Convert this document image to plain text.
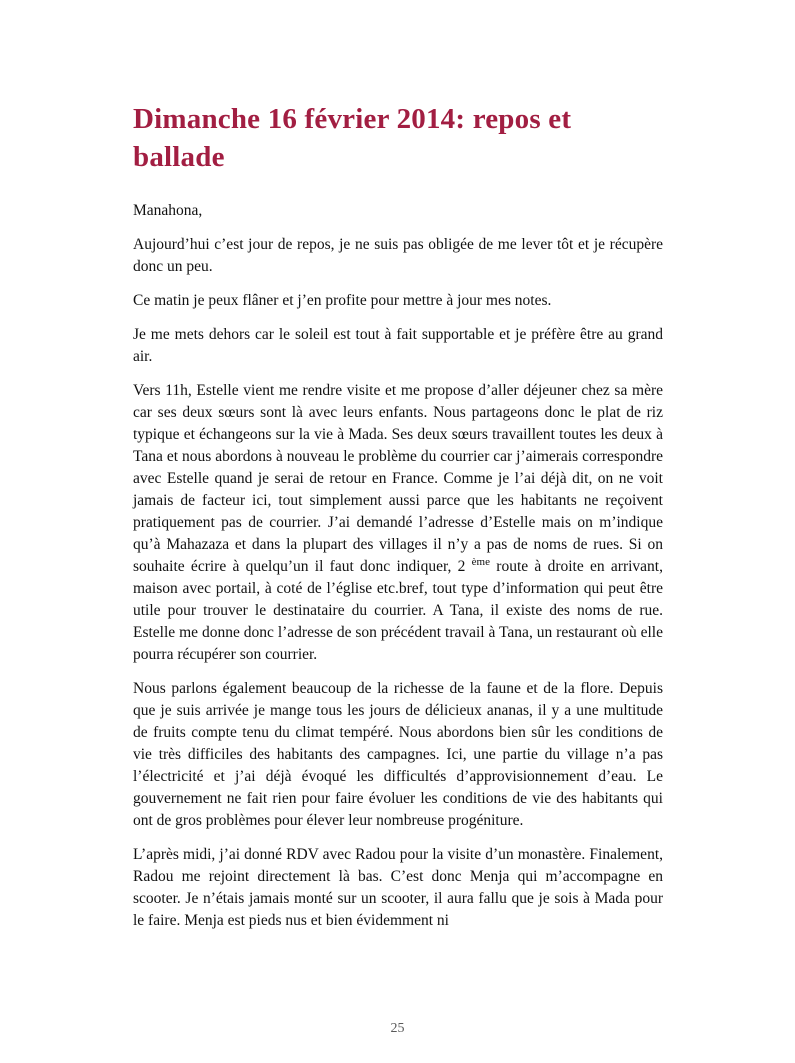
Dimanche 16 février 2014: repos et ballade

Manahona,

Aujourd’hui c’est jour de repos, je ne suis pas obligée de me lever tôt et je récupère donc un peu.

Ce matin je peux flâner et j’en profite pour mettre à jour mes notes.

Je me mets dehors car le soleil est tout à fait supportable et je préfère être au grand air.

Vers 11h, Estelle vient me rendre visite et me propose d’aller déjeuner chez sa mère car ses deux sœurs sont là avec leurs enfants. Nous partageons donc le plat de riz typique et échangeons sur la vie à Mada. Ses deux sœurs travaillent toutes les deux à Tana et nous abordons à nouveau le problème du courrier car j’aimerais correspondre avec Estelle quand je serai de retour en France. Comme je l’ai déjà dit, on ne voit jamais de facteur ici, tout simplement aussi parce que les habitants ne reçoivent pratiquement pas de courrier. J’ai demandé l’adresse d’Estelle mais on m’indique qu’à Mahazaza et dans la plupart des villages il n’y a pas de noms de rues. Si on souhaite écrire à quelqu’un il faut donc indiquer, 2 $^{ème}$ route à droite en arrivant, maison avec portail, à coté de l’église etc.bref, tout type d’information qui peut être utile pour trouver le destinataire du courrier. A Tana, il existe des noms de rue. Estelle me donne donc l’adresse de son précédent travail à Tana, un restaurant où elle pourra récupérer son courrier.

Nous parlons également beaucoup de la richesse de la faune et de la flore. Depuis que je suis arrivée je mange tous les jours de délicieux ananas, il y a une multitude de fruits compte tenu du climat tempéré. Nous abordons bien sûr les conditions de vie très difficiles des habitants des campagnes. Ici, une partie du village n’a pas l’électricité et j’ai déjà évoqué les difficultés d’approvisionnement d’eau. Le gouvernement ne fait rien pour faire évoluer les conditions de vie des habitants qui ont de gros problèmes pour élever leur nombreuse progéniture.

L’après midi, j’ai donné RDV avec Radou pour la visite d’un monastère. Finalement, Radou me rejoint directement là bas. C’est donc Menja qui m’accompagne en scooter. Je n’étais jamais monté sur un scooter, il aura fallu que je sois à Mada pour le faire. Menja est pieds nus et bien évidemment ni

25
